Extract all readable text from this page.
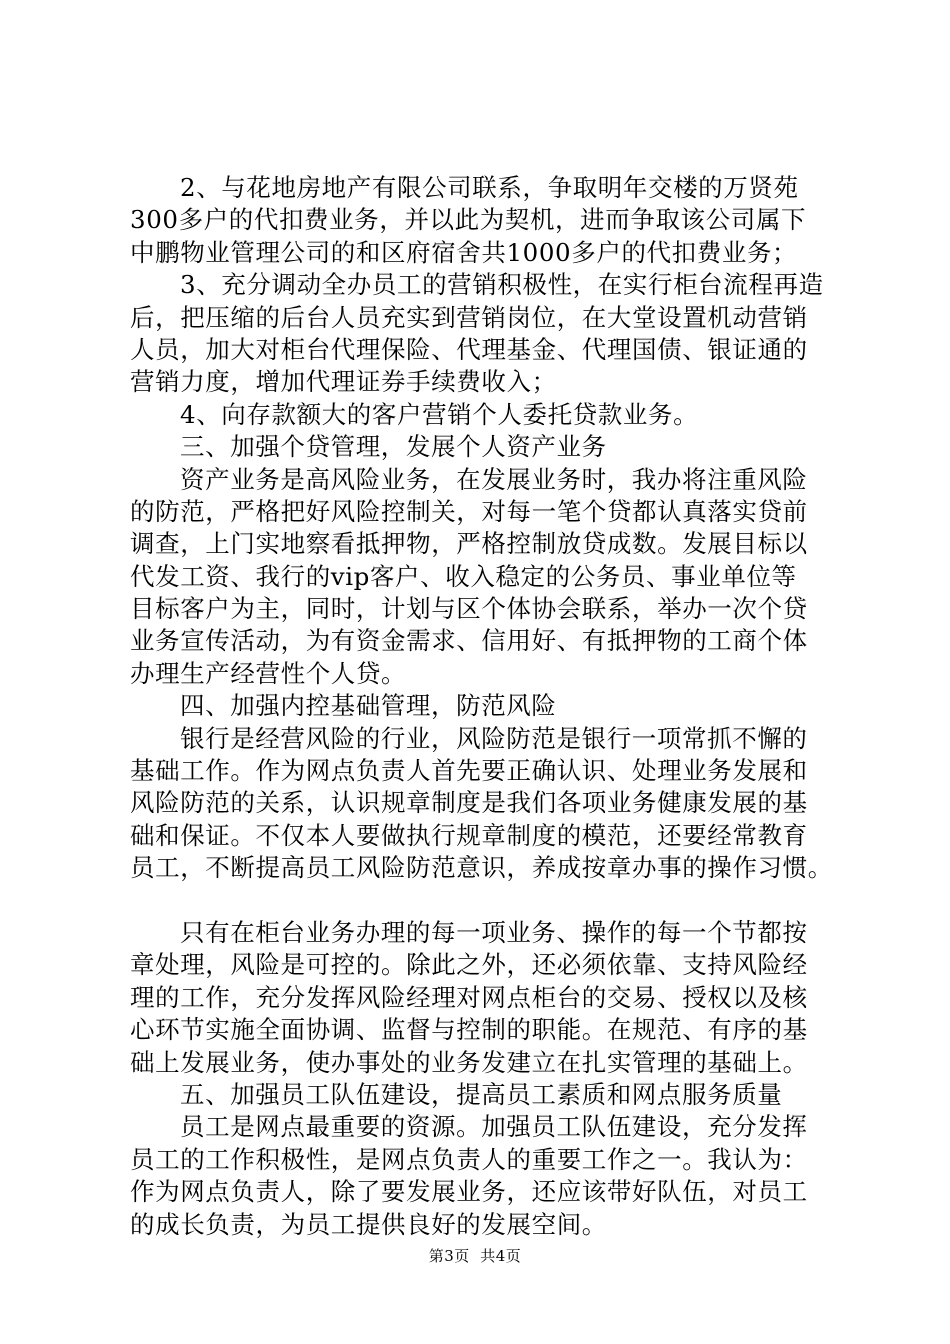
2、与花地房地产有限公司联系，争取明年交楼的万贤苑
300多户的代扣费业务，并以此为契机，进而争取该公司属下
中鹏物业管理公司的和区府宿舍共1000多户的代扣费业务；
3、充分调动全办员工的营销积极性，在实行柜台流程再造
后，把压缩的后台人员充实到营销岗位，在大堂设置机动营销
人员，加大对柜台代理保险、代理基金、代理国债、银证通的
营销力度，增加代理证券手续费收入；
4、向存款额大的客户营销个人委托贷款业务。
三、加强个贷管理，发展个人资产业务
资产业务是高风险业务，在发展业务时，我办将注重风险
的防范，严格把好风险控制关，对每一笔个贷都认真落实贷前
调查，上门实地察看抵押物，严格控制放贷成数。发展目标以
代发工资、我行的vip客户、收入稳定的公务员、事业单位等
目标客户为主，同时，计划与区个体协会联系，举办一次个贷
业务宣传活动，为有资金需求、信用好、有抵押物的工商个体
办理生产经营性个人贷。
四、加强内控基础管理，防范风险
银行是经营风险的行业，风险防范是银行一项常抓不懈的
基础工作。作为网点负责人首先要正确认识、处理业务发展和
风险防范的关系，认识规章制度是我们各项业务健康发展的基
础和保证。不仅本人要做执行规章制度的模范，还要经常教育
员工，不断提高员工风险防范意识，养成按章办事的操作习惯。
只有在柜台业务办理的每一项业务、操作的每一个节都按
章处理，风险是可控的。除此之外，还必须依靠、支持风险经
理的工作，充分发挥风险经理对网点柜台的交易、授权以及核
心环节实施全面协调、监督与控制的职能。在规范、有序的基
础上发展业务，使办事处的业务发建立在扎实管理的基础上。
五、加强员工队伍建设，提高员工素质和网点服务质量
员工是网点最重要的资源。加强员工队伍建设，充分发挥
员工的工作积极性，是网点负责人的重要工作之一。我认为：
作为网点负责人，除了要发展业务，还应该带好队伍，对员工
的成长负责，为员工提供良好的发展空间。
第3页  共4页
